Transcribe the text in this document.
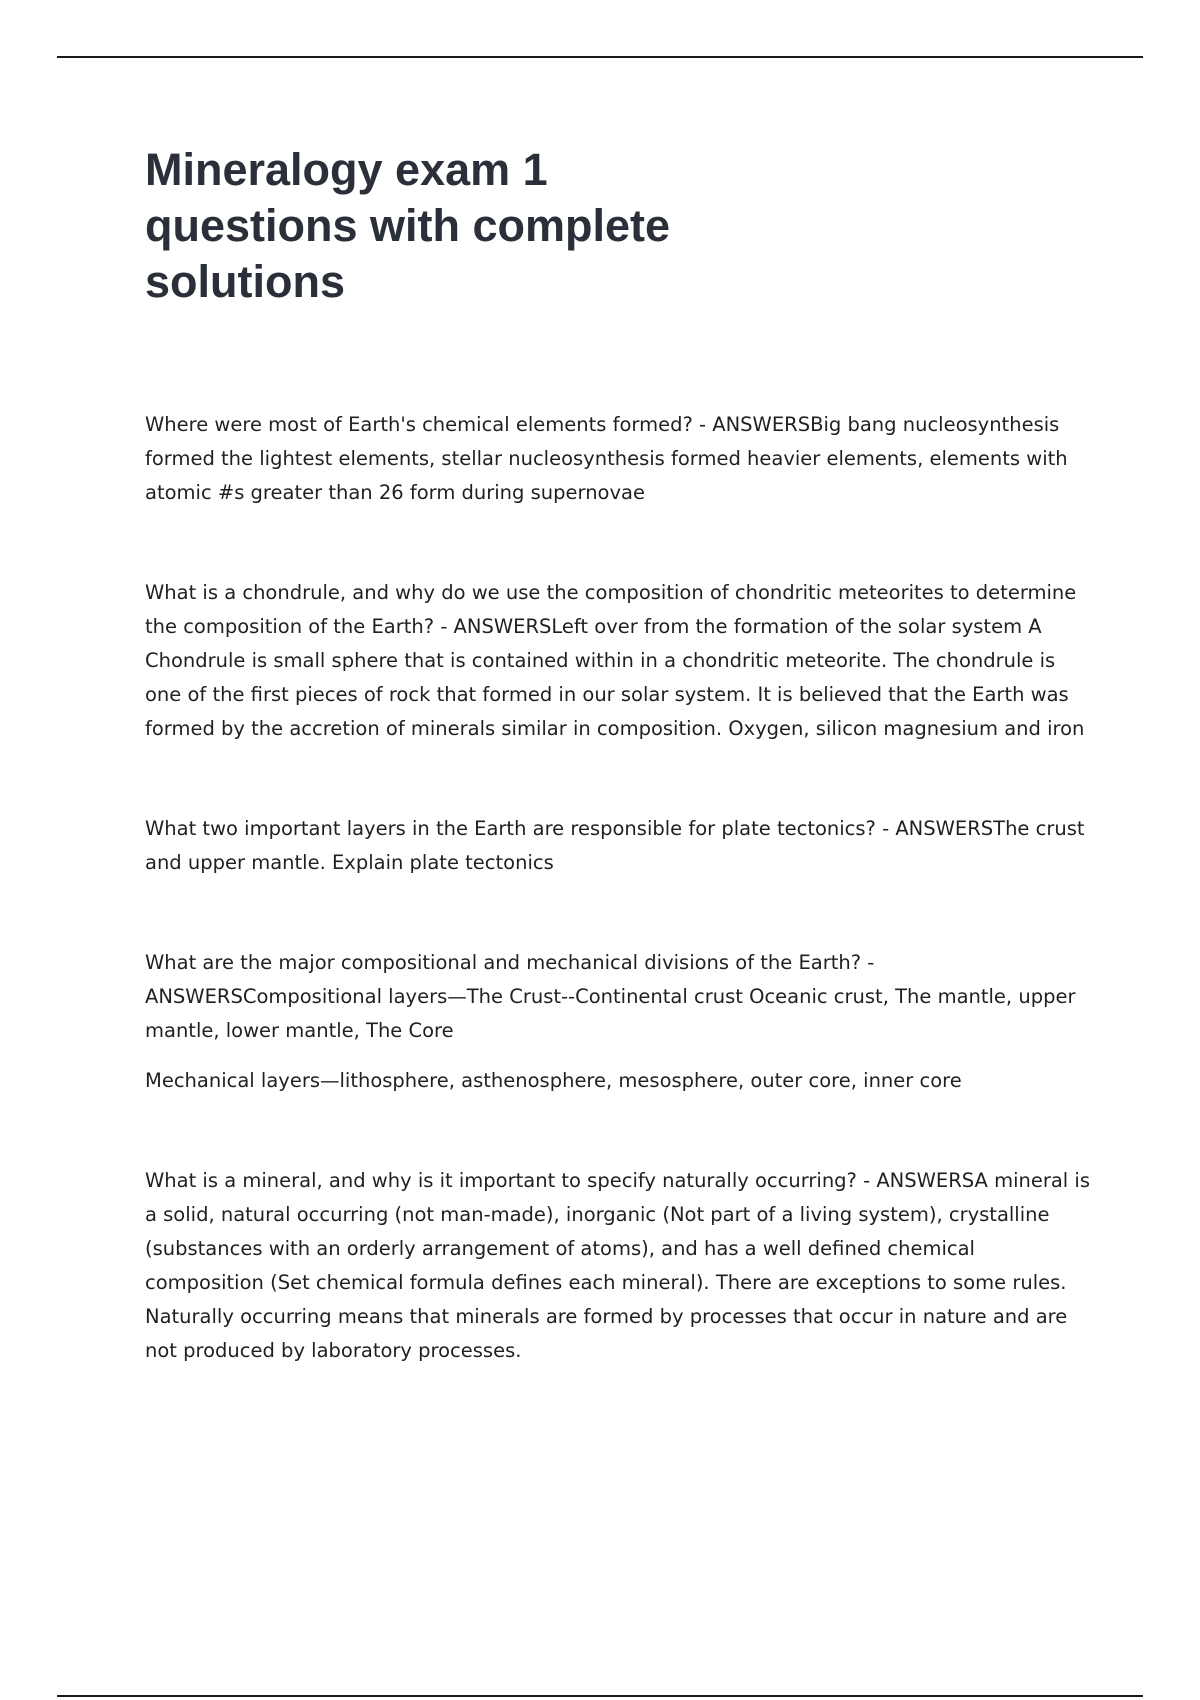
Mineralogy exam 1 questions with complete solutions

Where were most of Earth's chemical elements formed? - ANSWERSBig bang nucleosynthesis formed the lightest elements, stellar nucleosynthesis formed heavier elements, elements with atomic #s greater than 26 form during supernovae

What is a chondrule, and why do we use the composition of chondritic meteorites to determine the composition of the Earth? - ANSWERSLeft over from the formation of the solar system A Chondrule is small sphere that is contained within in a chondritic meteorite. The chondrule is one of the first pieces of rock that formed in our solar system. It is believed that the Earth was formed by the accretion of minerals similar in composition. Oxygen, silicon magnesium and iron

What two important layers in the Earth are responsible for plate tectonics? - ANSWERSThe crust and upper mantle. Explain plate tectonics

What are the major compositional and mechanical divisions of the Earth? - ANSWERSCompositional layers—The Crust--Continental crust Oceanic crust, The mantle, upper mantle, lower mantle, The Core

Mechanical layers—lithosphere, asthenosphere, mesosphere, outer core, inner core

What is a mineral, and why is it important to specify naturally occurring? - ANSWERSA mineral is a solid, natural occurring (not man-made), inorganic (Not part of a living system), crystalline (substances with an orderly arrangement of atoms), and has a well defined chemical composition (Set chemical formula defines each mineral). There are exceptions to some rules. Naturally occurring means that minerals are formed by processes that occur in nature and are not produced by laboratory processes.
